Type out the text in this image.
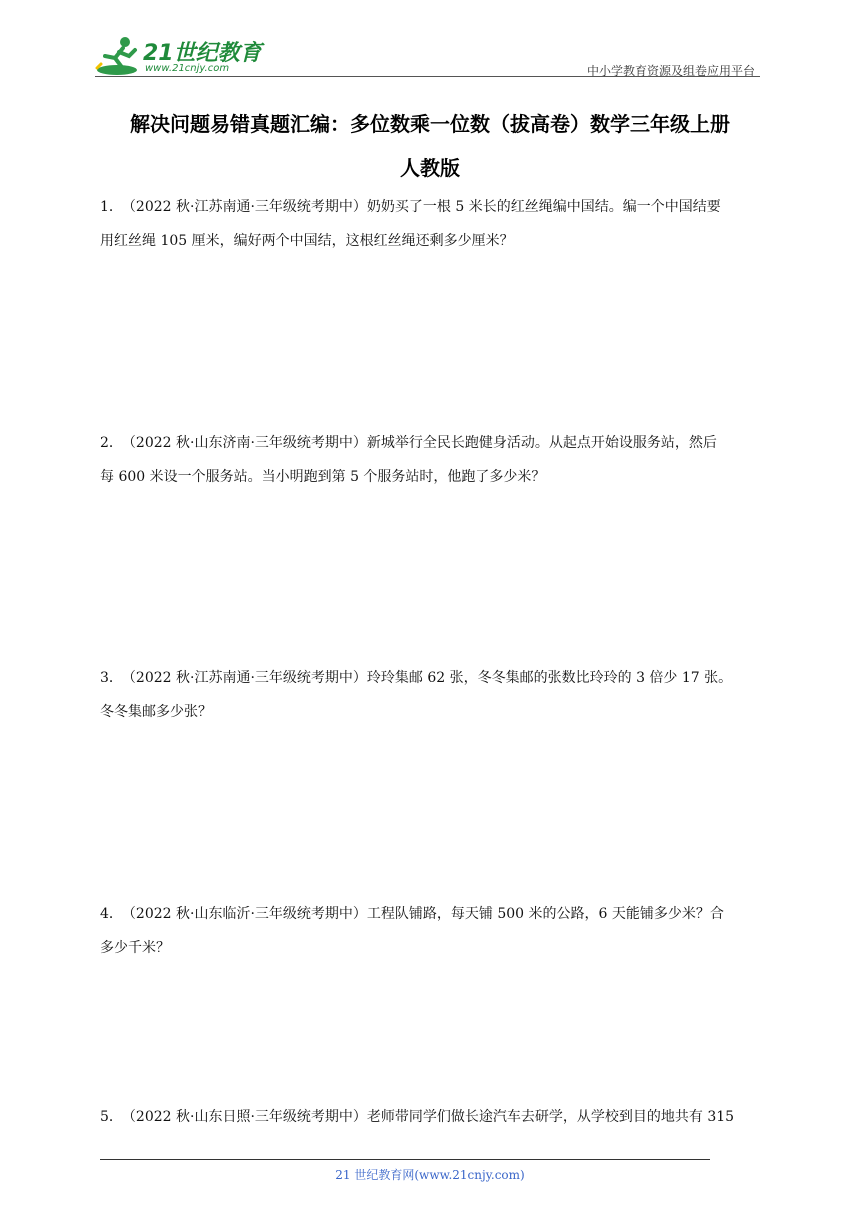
21世纪教育
www.21cnjy.com	中小学教育资源及组卷应用平台
解决问题易错真题汇编：多位数乘一位数（拔高卷）数学三年级上册
人教版
1． （2022 秋·江苏南通·三年级统考期中）奶奶买了一根 5 米长的红丝绳编中国结。编一个中国结要
用红丝绳 105 厘米，编好两个中国结，这根红丝绳还剩多少厘米？
2． （2022 秋·山东济南·三年级统考期中）新城举行全民长跑健身活动。从起点开始设服务站，然后
每 600 米设一个服务站。当小明跑到第 5 个服务站时，他跑了多少米？
3． （2022 秋·江苏南通·三年级统考期中）玲玲集邮 62 张，冬冬集邮的张数比玲玲的 3 倍少 17 张。
冬冬集邮多少张？
4． （2022 秋·山东临沂·三年级统考期中）工程队铺路，每天铺 500 米的公路，6 天能铺多少米？合
多少千米？
5． （2022 秋·山东日照·三年级统考期中）老师带同学们做长途汽车去研学，从学校到目的地共有 315
21 世纪教育网(www.21cnjy.com)
